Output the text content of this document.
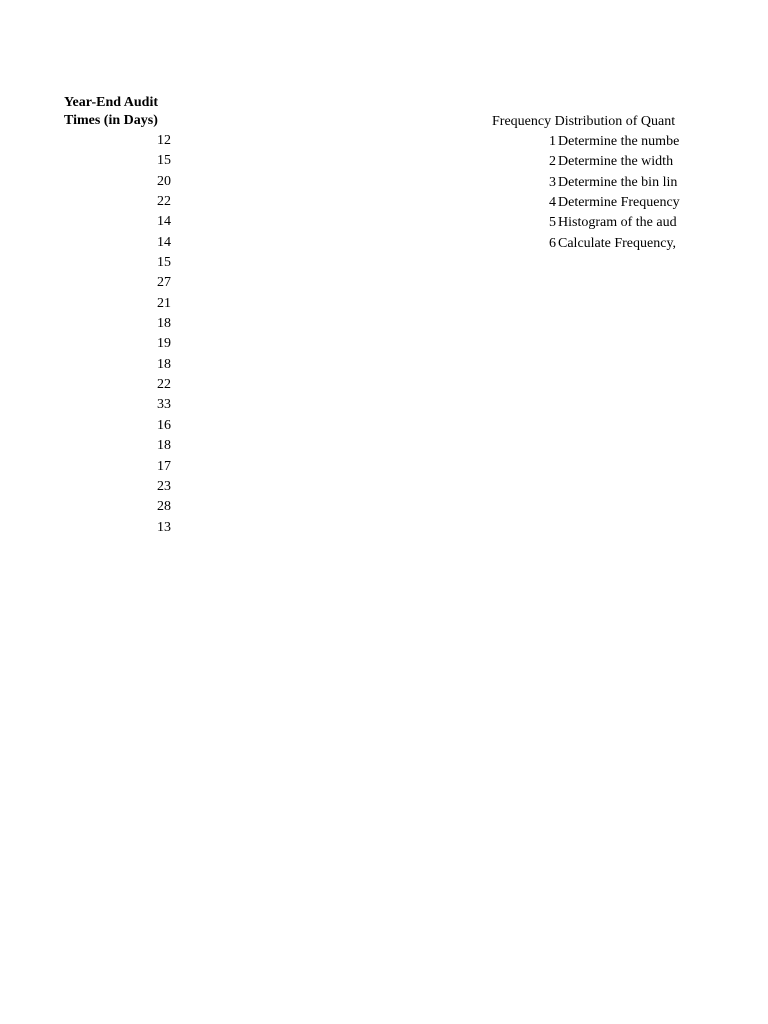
Year-End Audit
Times (in Days)
12
15
20
22
14
14
15
27
21
18
19
18
22
33
16
18
17
23
28
13
Frequency Distribution of Quant
1 Determine the numbe
2 Determine the width
3 Determine the bin lin
4 Determine Frequency
5 Histogram of the aud
6 Calculate Frequency,
